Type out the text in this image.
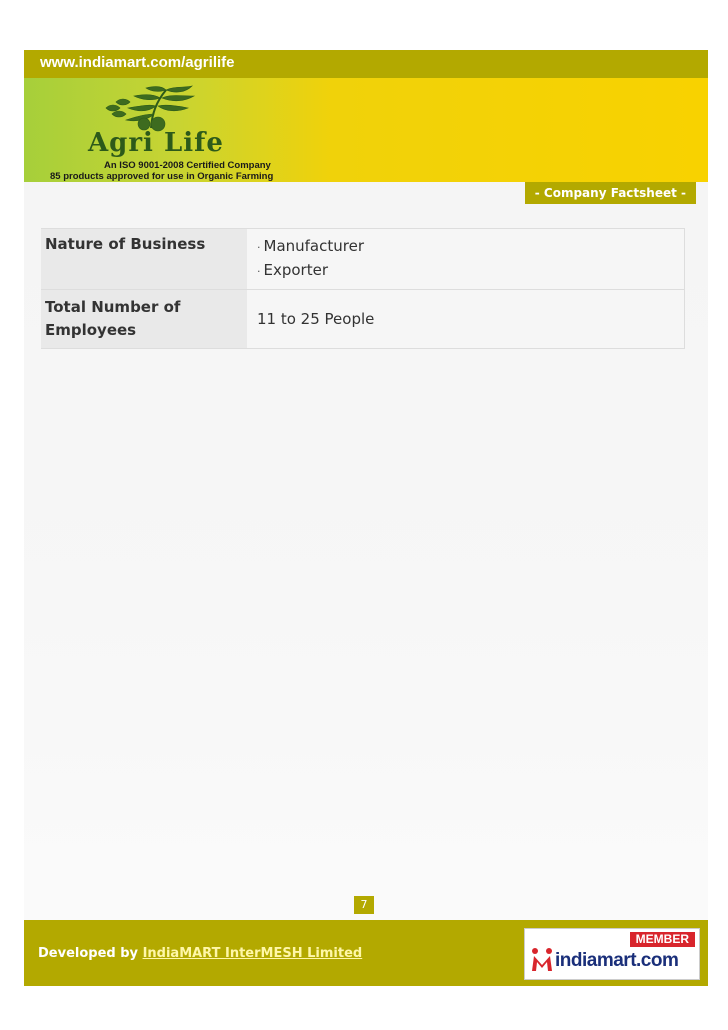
www.indiamart.com/agrilife
Agri Life
An ISO 9001-2008 Certified Company
85 products approved for use in Organic Farming
- Company Factsheet -
Nature of Business	· Manufacturer
· Exporter

Total Number of Employees	11 to 25 People
7
Developed by IndiaMART InterMESH Limited
MEMBER
indiamart.com
